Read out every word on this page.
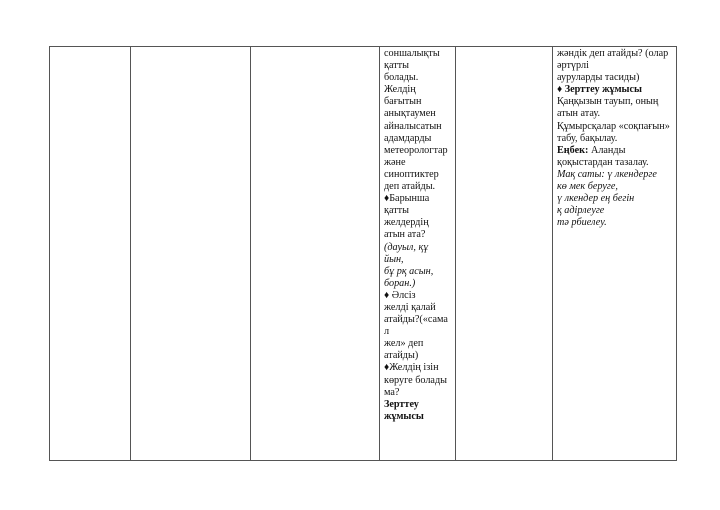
соншалықты
қатты
болады.
Желдің
бағытын
анықтаумен
айналысатын
адамдарды
метеорологтар
және
синоптиктер
деп атайды.
♦Барынша
қатты
желдердің
атын ата?
(дауыл, құ
йын,
бұ рқ асын,
боран.)
♦ Әлсіз
желді қалай
атайды?(«сама
л
жел» деп
атайды)
♦Желдің ізін
көруге болады
ма?
Зерттеу
жұмысы

жәндік деп атайды? (олар
әртүрлі
ауруларды тасиды)
♦ Зерттеу жұмысы
Қаңқызын тауып, оның
атын атау.
Құмырсқалар «соқпағын»
табу, бақылау.
Еңбек: Аланды
қоқыстардан тазалау.
Мақ саты: ү лкендерге
кө мек беруге,
ү лкендер ең бегін
қ адірлеуге
тә рбиелеу.
